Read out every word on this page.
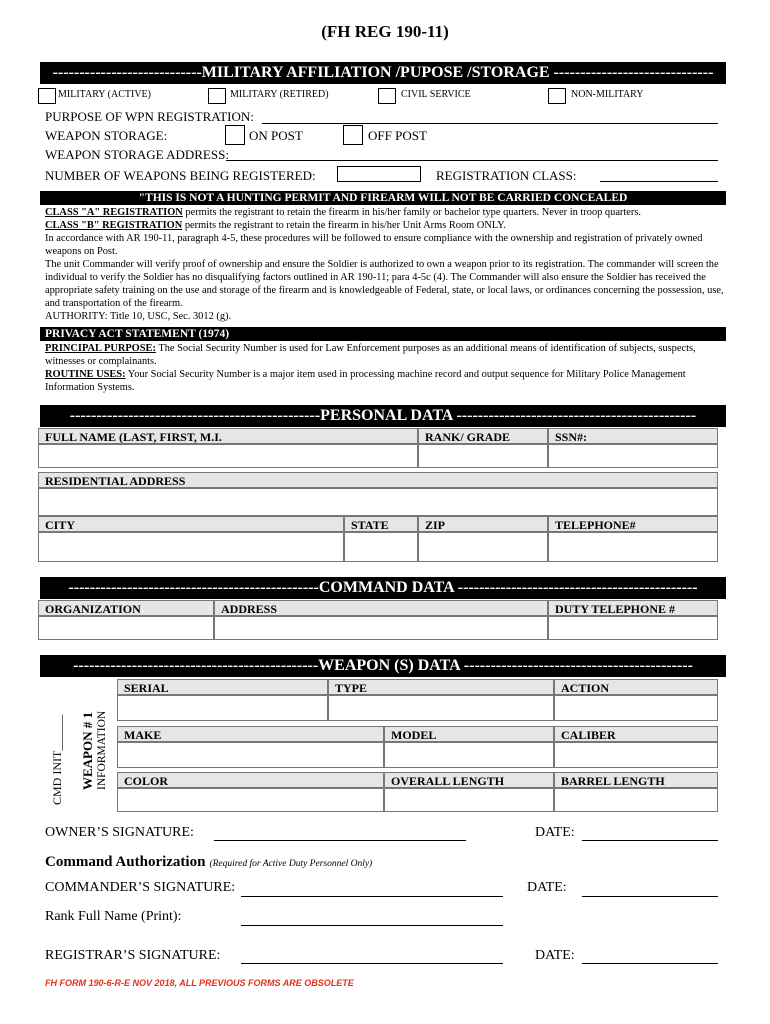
(FH REG 190-11)
----------------------------MILITARY AFFILIATION /PUPOSE /STORAGE ------------------------------
MILITARY (ACTIVE)	MILITARY (RETIRED)	CIVIL SERVICE	NON-MILITARY
PURPOSE OF WPN REGISTRATION:
WEAPON STORAGE:	ON POST	OFF POST
WEAPON STORAGE ADDRESS:
NUMBER OF WEAPONS BEING REGISTERED:	REGISTRATION CLASS:
"THIS IS NOT A HUNTING PERMIT AND FIREARM WILL NOT BE CARRIED CONCEALED
CLASS "A" REGISTRATION permits the registrant to retain the firearm in his/her family or bachelor type quarters. Never in troop quarters.
CLASS "B" REGISTRATION permits the registrant to retain the firearm in his/her Unit Arms Room ONLY.
In accordance with AR 190-11, paragraph 4-5, these procedures will be followed to ensure compliance with the ownership and registration of privately owned weapons on Post.
The unit Commander will verify proof of ownership and ensure the Soldier is authorized to own a weapon prior to its registration. The commander will screen the individual to verify the Soldier has no disqualifying factors outlined in AR 190-11; para 4-5c (4). The Commander will also ensure the Soldier has received the appropriate safety training on the use and storage of the firearm and is knowledgeable of Federal, state, or local laws, or ordinances concerning the possession, use, and transportation of the firearm.
AUTHORITY: Title 10, USC, Sec. 3012 (g).
PRIVACY ACT STATEMENT (1974)
PRINCIPAL PURPOSE: The Social Security Number is used for Law Enforcement purposes as an additional means of identification of subjects, suspects, witnesses or complainants.
ROUTINE USES: Your Social Security Number is a major item used in processing machine record and output sequence for Military Police Management Information Systems.
-----------------------------------------------PERSONAL DATA ---------------------------------------------
FULL NAME (LAST, FIRST, M.I.	RANK/ GRADE	SSN#:
RESIDENTIAL ADDRESS
CITY	STATE	ZIP	TELEPHONE#
-----------------------------------------------COMMAND DATA ---------------------------------------------
ORGANIZATION	ADDRESS	DUTY TELEPHONE #
----------------------------------------------WEAPON (S) DATA -------------------------------------------
CMD INIT______ WEAPON # 1 INFORMATION
SERIAL	TYPE	ACTION
MAKE	MODEL	CALIBER
COLOR	OVERALL LENGTH	BARREL LENGTH
OWNER’S SIGNATURE:	DATE:
Command Authorization (Required for Active Duty Personnel Only)
COMMANDER’S SIGNATURE:	DATE:
Rank Full Name (Print):
REGISTRAR’S SIGNATURE:	DATE:
FH FORM 190-6-R-E NOV 2018, ALL PREVIOUS FORMS ARE OBSOLETE
